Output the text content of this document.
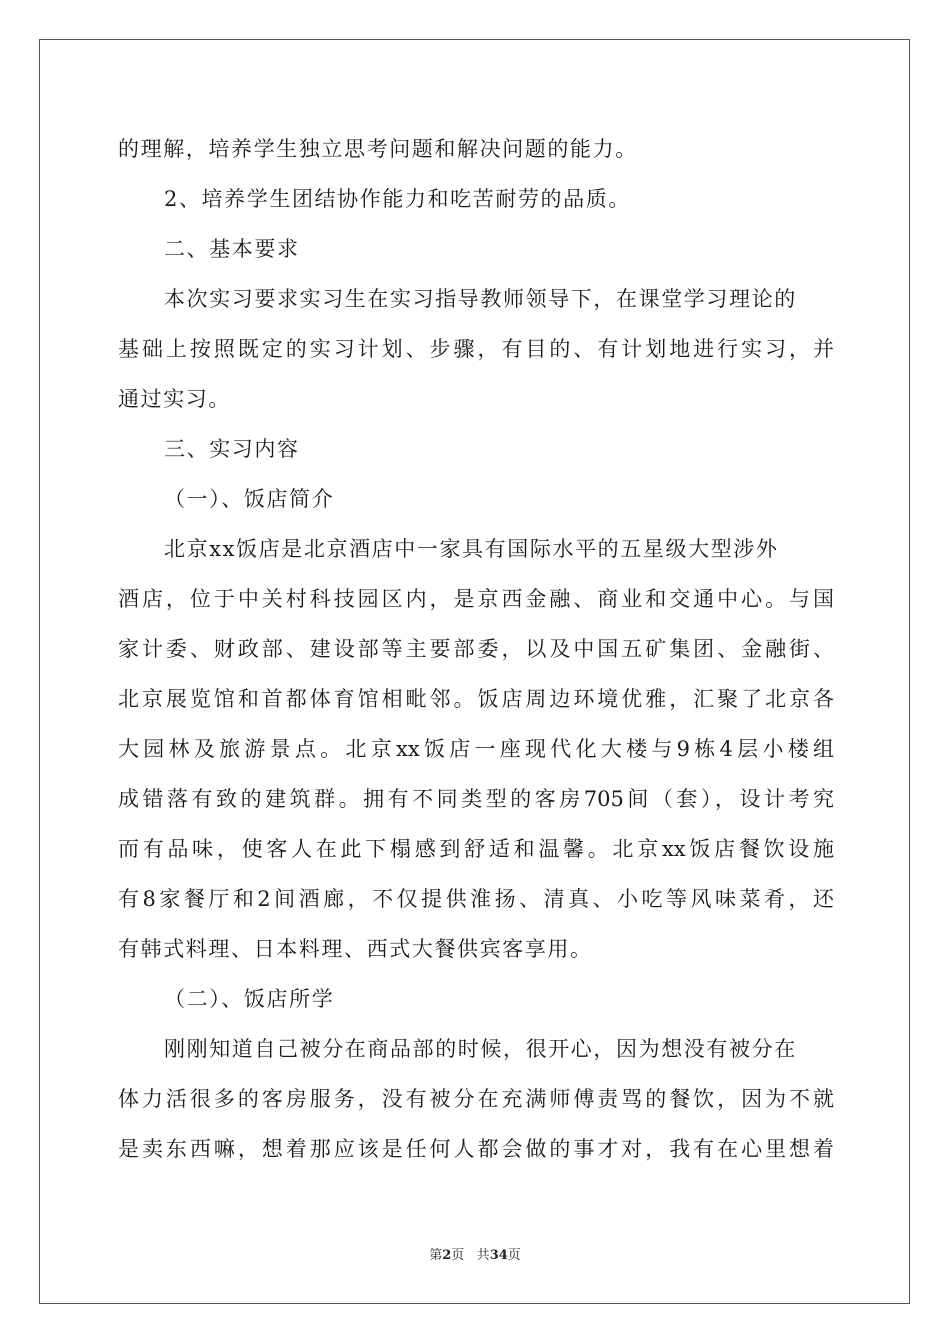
的理解，培养学生独立思考问题和解决问题的能力。
2、培养学生团结协作能力和吃苦耐劳的品质。
二、基本要求
本次实习要求实习生在实习指导教师领导下，在课堂学习理论的
基础上按照既定的实习计划、步骤，有目的、有计划地进行实习，并
通过实习。
三、实习内容
（一）、饭店简介
北京xx饭店是北京酒店中一家具有国际水平的五星级大型涉外
酒店，位于中关村科技园区内，是京西金融、商业和交通中心。与国
家计委、财政部、建设部等主要部委，以及中国五矿集团、金融街、
北京展览馆和首都体育馆相毗邻。饭店周边环境优雅，汇聚了北京各
大园林及旅游景点。北京xx饭店一座现代化大楼与9栋4层小楼组
成错落有致的建筑群。拥有不同类型的客房705间（套），设计考究
而有品味，使客人在此下榻感到舒适和温馨。北京xx饭店餐饮设施
有8家餐厅和2间酒廊，不仅提供淮扬、清真、小吃等风味菜肴，还
有韩式料理、日本料理、西式大餐供宾客享用。
（二）、饭店所学
刚刚知道自己被分在商品部的时候，很开心，因为想没有被分在
体力活很多的客房服务，没有被分在充满师傅责骂的餐饮，因为不就
是卖东西嘛，想着那应该是任何人都会做的事才对，我有在心里想着
第2页 共34页
